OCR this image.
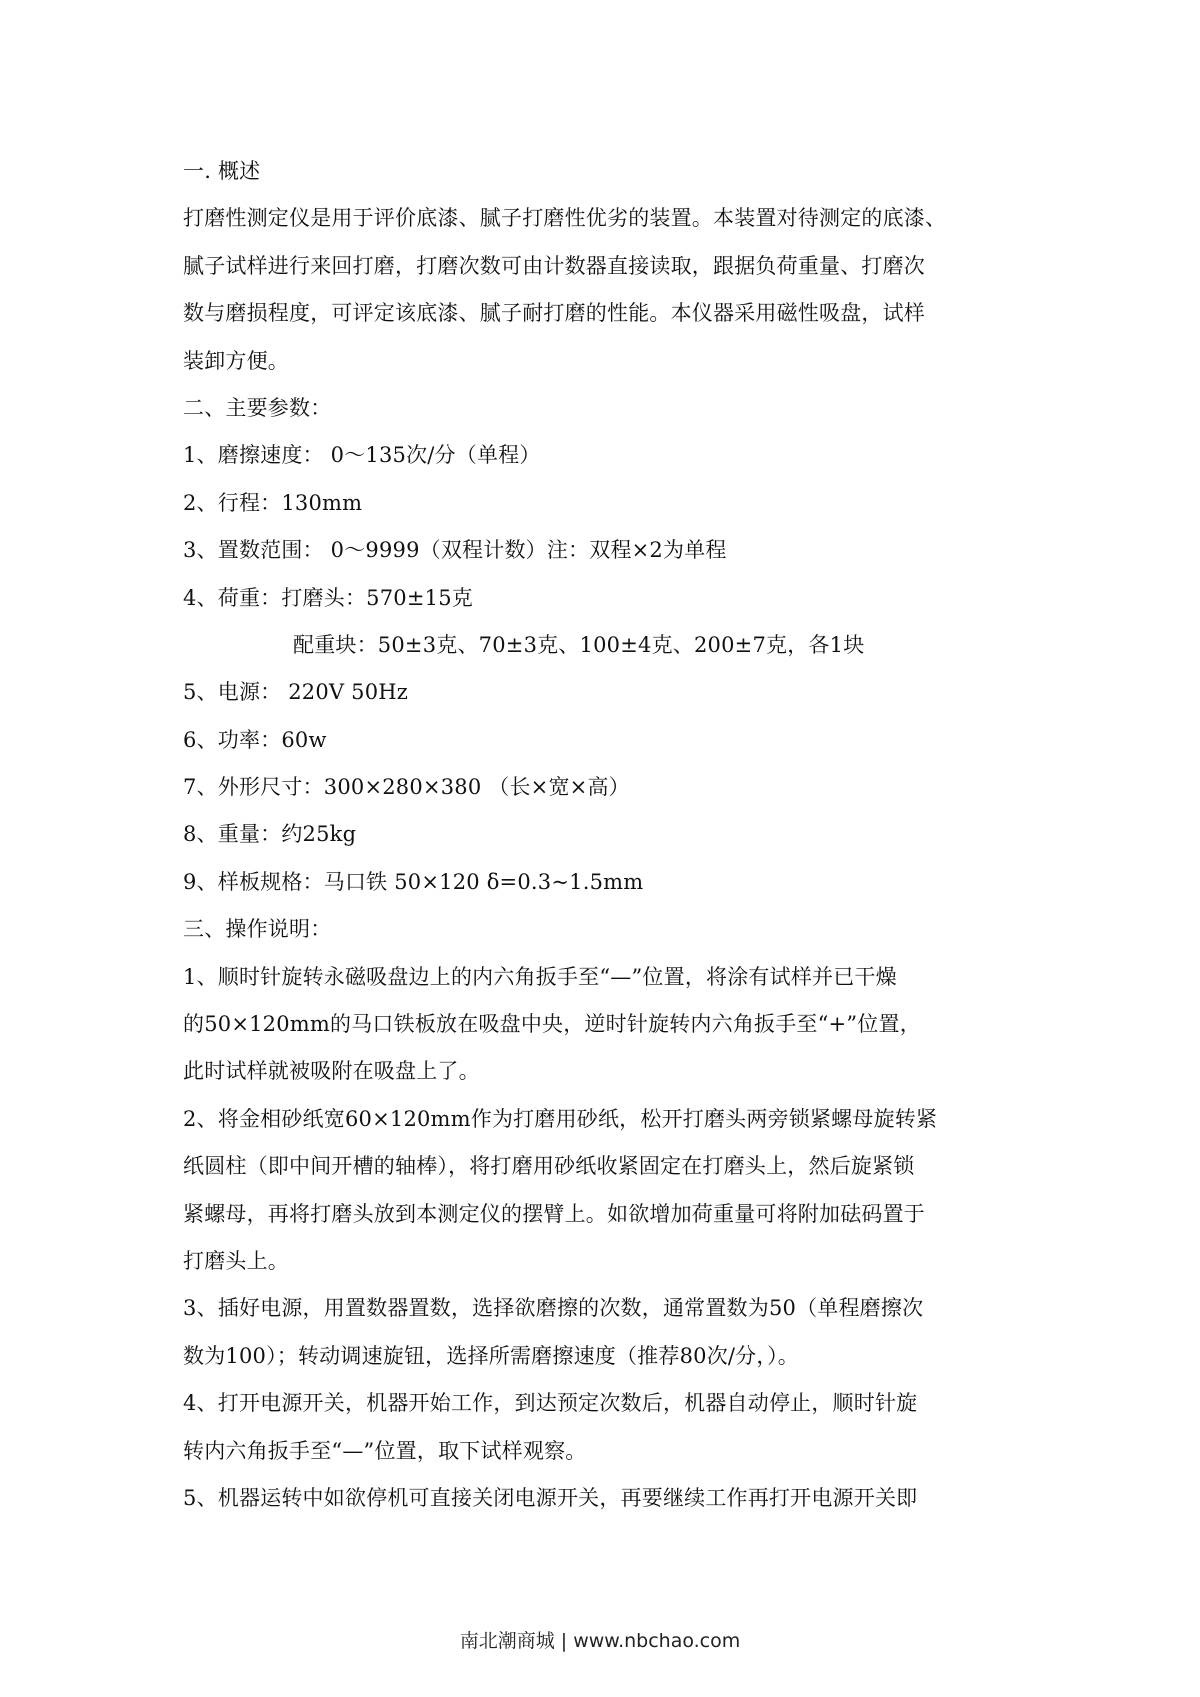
一. 概述
打磨性测定仪是用于评价底漆、腻子打磨性优劣的装置。本装置对待测定的底漆、
腻子试样进行来回打磨，打磨次数可由计数器直接读取，跟据负荷重量、打磨次
数与磨损程度，可评定该底漆、腻子耐打磨的性能。本仪器采用磁性吸盘，试样
装卸方便。
二、主要参数：
1、磨擦速度： 0～135次/分（单程）
2、行程：130mm
3、置数范围： 0～9999（双程计数）注：双程×2为单程
4、荷重：打磨头：570±15克
配重块：50±3克、70±3克、100±4克、200±7克，各1块
5、电源： 220V 50Hz
6、功率：60w
7、外形尺寸：300×280×380 （长×宽×高）
8、重量：约25kg
9、样板规格：马口铁 50×120 δ=0.3~1.5mm
三、操作说明：
1、顺时针旋转永磁吸盘边上的内六角扳手至“—”位置，将涂有试样并已干燥
的50×120mm的马口铁板放在吸盘中央，逆时针旋转内六角扳手至“+”位置，
此时试样就被吸附在吸盘上了。
2、将金相砂纸宽60×120mm作为打磨用砂纸，松开打磨头两旁锁紧螺母旋转紧
纸圆柱（即中间开槽的轴棒），将打磨用砂纸收紧固定在打磨头上，然后旋紧锁
紧螺母，再将打磨头放到本测定仪的摆臂上。如欲增加荷重量可将附加砝码置于
打磨头上。
3、插好电源，用置数器置数，选择欲磨擦的次数，通常置数为50（单程磨擦次
数为100）；转动调速旋钮，选择所需磨擦速度（推荐80次/分，）。
4、打开电源开关，机器开始工作，到达预定次数后，机器自动停止，顺时针旋
转内六角扳手至“—”位置，取下试样观察。
5、机器运转中如欲停机可直接关闭电源开关，再要继续工作再打开电源开关即
南北潮商城 | www.nbchao.com
